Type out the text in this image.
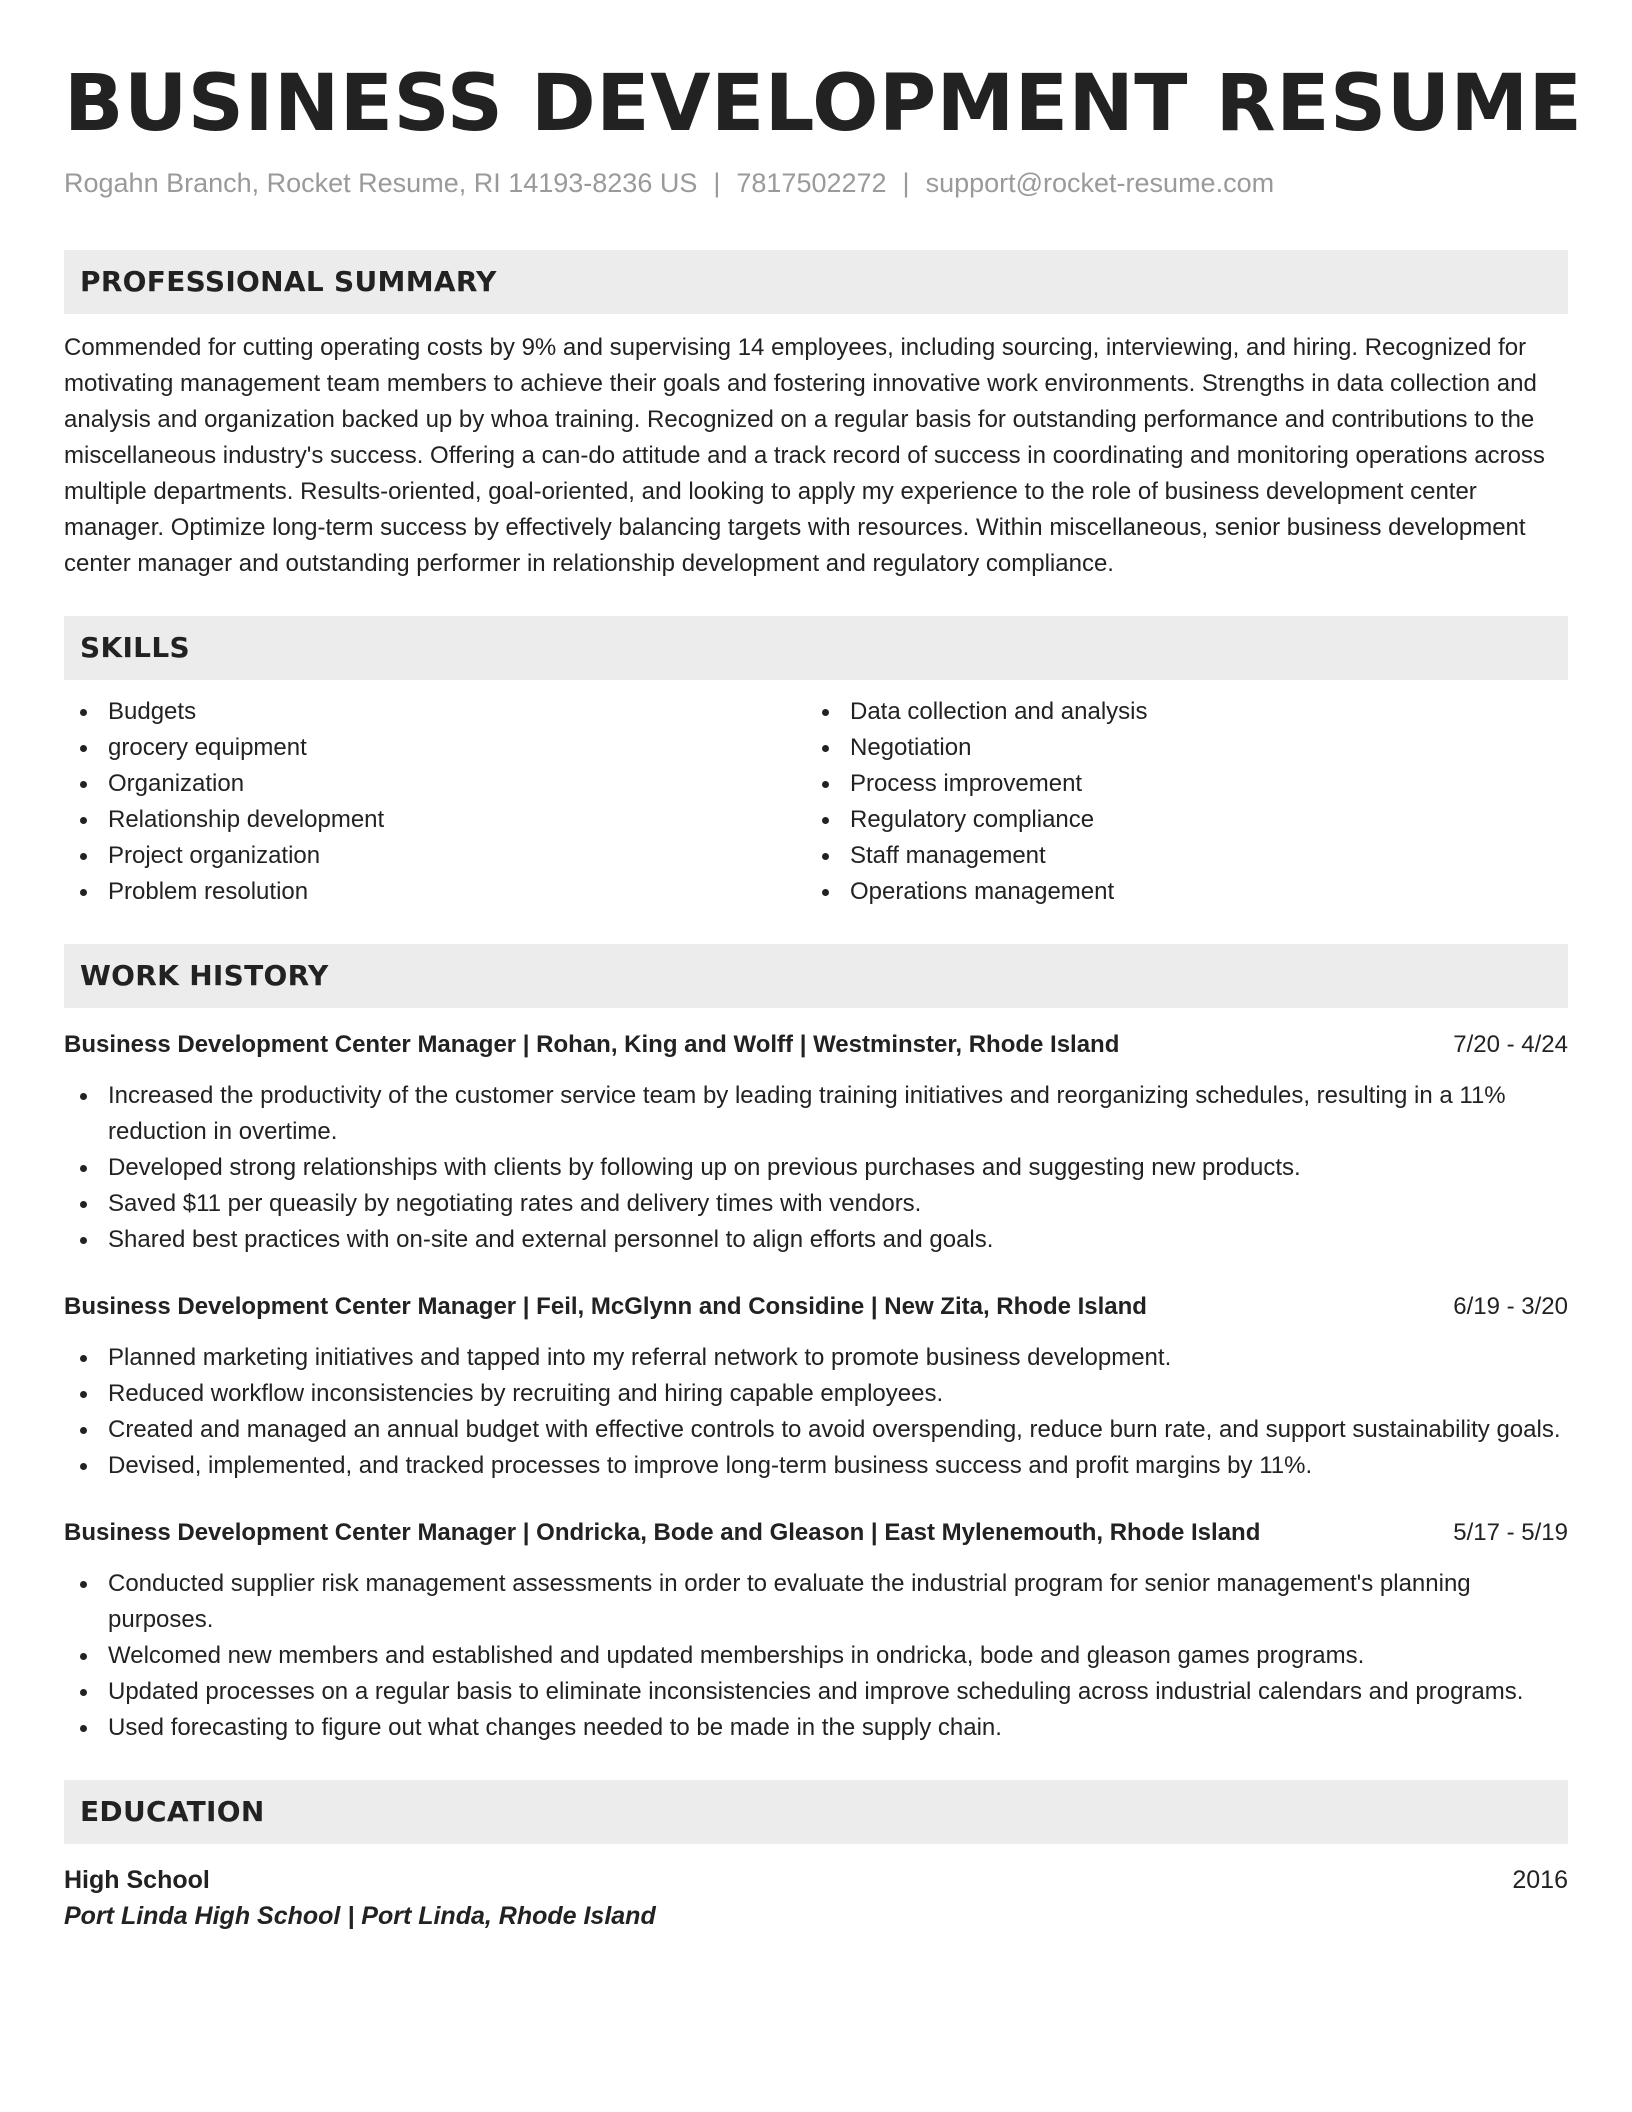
BUSINESS DEVELOPMENT RESUME
Rogahn Branch, Rocket Resume, RI 14193-8236 US | 7817502272 | support@rocket-resume.com
PROFESSIONAL SUMMARY
Commended for cutting operating costs by 9% and supervising 14 employees, including sourcing, interviewing, and hiring. Recognized for motivating management team members to achieve their goals and fostering innovative work environments. Strengths in data collection and analysis and organization backed up by whoa training. Recognized on a regular basis for outstanding performance and contributions to the miscellaneous industry's success. Offering a can-do attitude and a track record of success in coordinating and monitoring operations across multiple departments. Results-oriented, goal-oriented, and looking to apply my experience to the role of business development center manager. Optimize long-term success by effectively balancing targets with resources. Within miscellaneous, senior business development center manager and outstanding performer in relationship development and regulatory compliance.
SKILLS
Budgets
grocery equipment
Organization
Relationship development
Project organization
Problem resolution
Data collection and analysis
Negotiation
Process improvement
Regulatory compliance
Staff management
Operations management
WORK HISTORY
Business Development Center Manager | Rohan, King and Wolff | Westminster, Rhode Island	7/20 - 4/24
Increased the productivity of the customer service team by leading training initiatives and reorganizing schedules, resulting in a 11% reduction in overtime.
Developed strong relationships with clients by following up on previous purchases and suggesting new products.
Saved $11 per queasily by negotiating rates and delivery times with vendors.
Shared best practices with on-site and external personnel to align efforts and goals.
Business Development Center Manager | Feil, McGlynn and Considine | New Zita, Rhode Island	6/19 - 3/20
Planned marketing initiatives and tapped into my referral network to promote business development.
Reduced workflow inconsistencies by recruiting and hiring capable employees.
Created and managed an annual budget with effective controls to avoid overspending, reduce burn rate, and support sustainability goals.
Devised, implemented, and tracked processes to improve long-term business success and profit margins by 11%.
Business Development Center Manager | Ondricka, Bode and Gleason | East Mylenemouth, Rhode Island	5/17 - 5/19
Conducted supplier risk management assessments in order to evaluate the industrial program for senior management's planning purposes.
Welcomed new members and established and updated memberships in ondricka, bode and gleason games programs.
Updated processes on a regular basis to eliminate inconsistencies and improve scheduling across industrial calendars and programs.
Used forecasting to figure out what changes needed to be made in the supply chain.
EDUCATION
High School	2016
Port Linda High School | Port Linda, Rhode Island
